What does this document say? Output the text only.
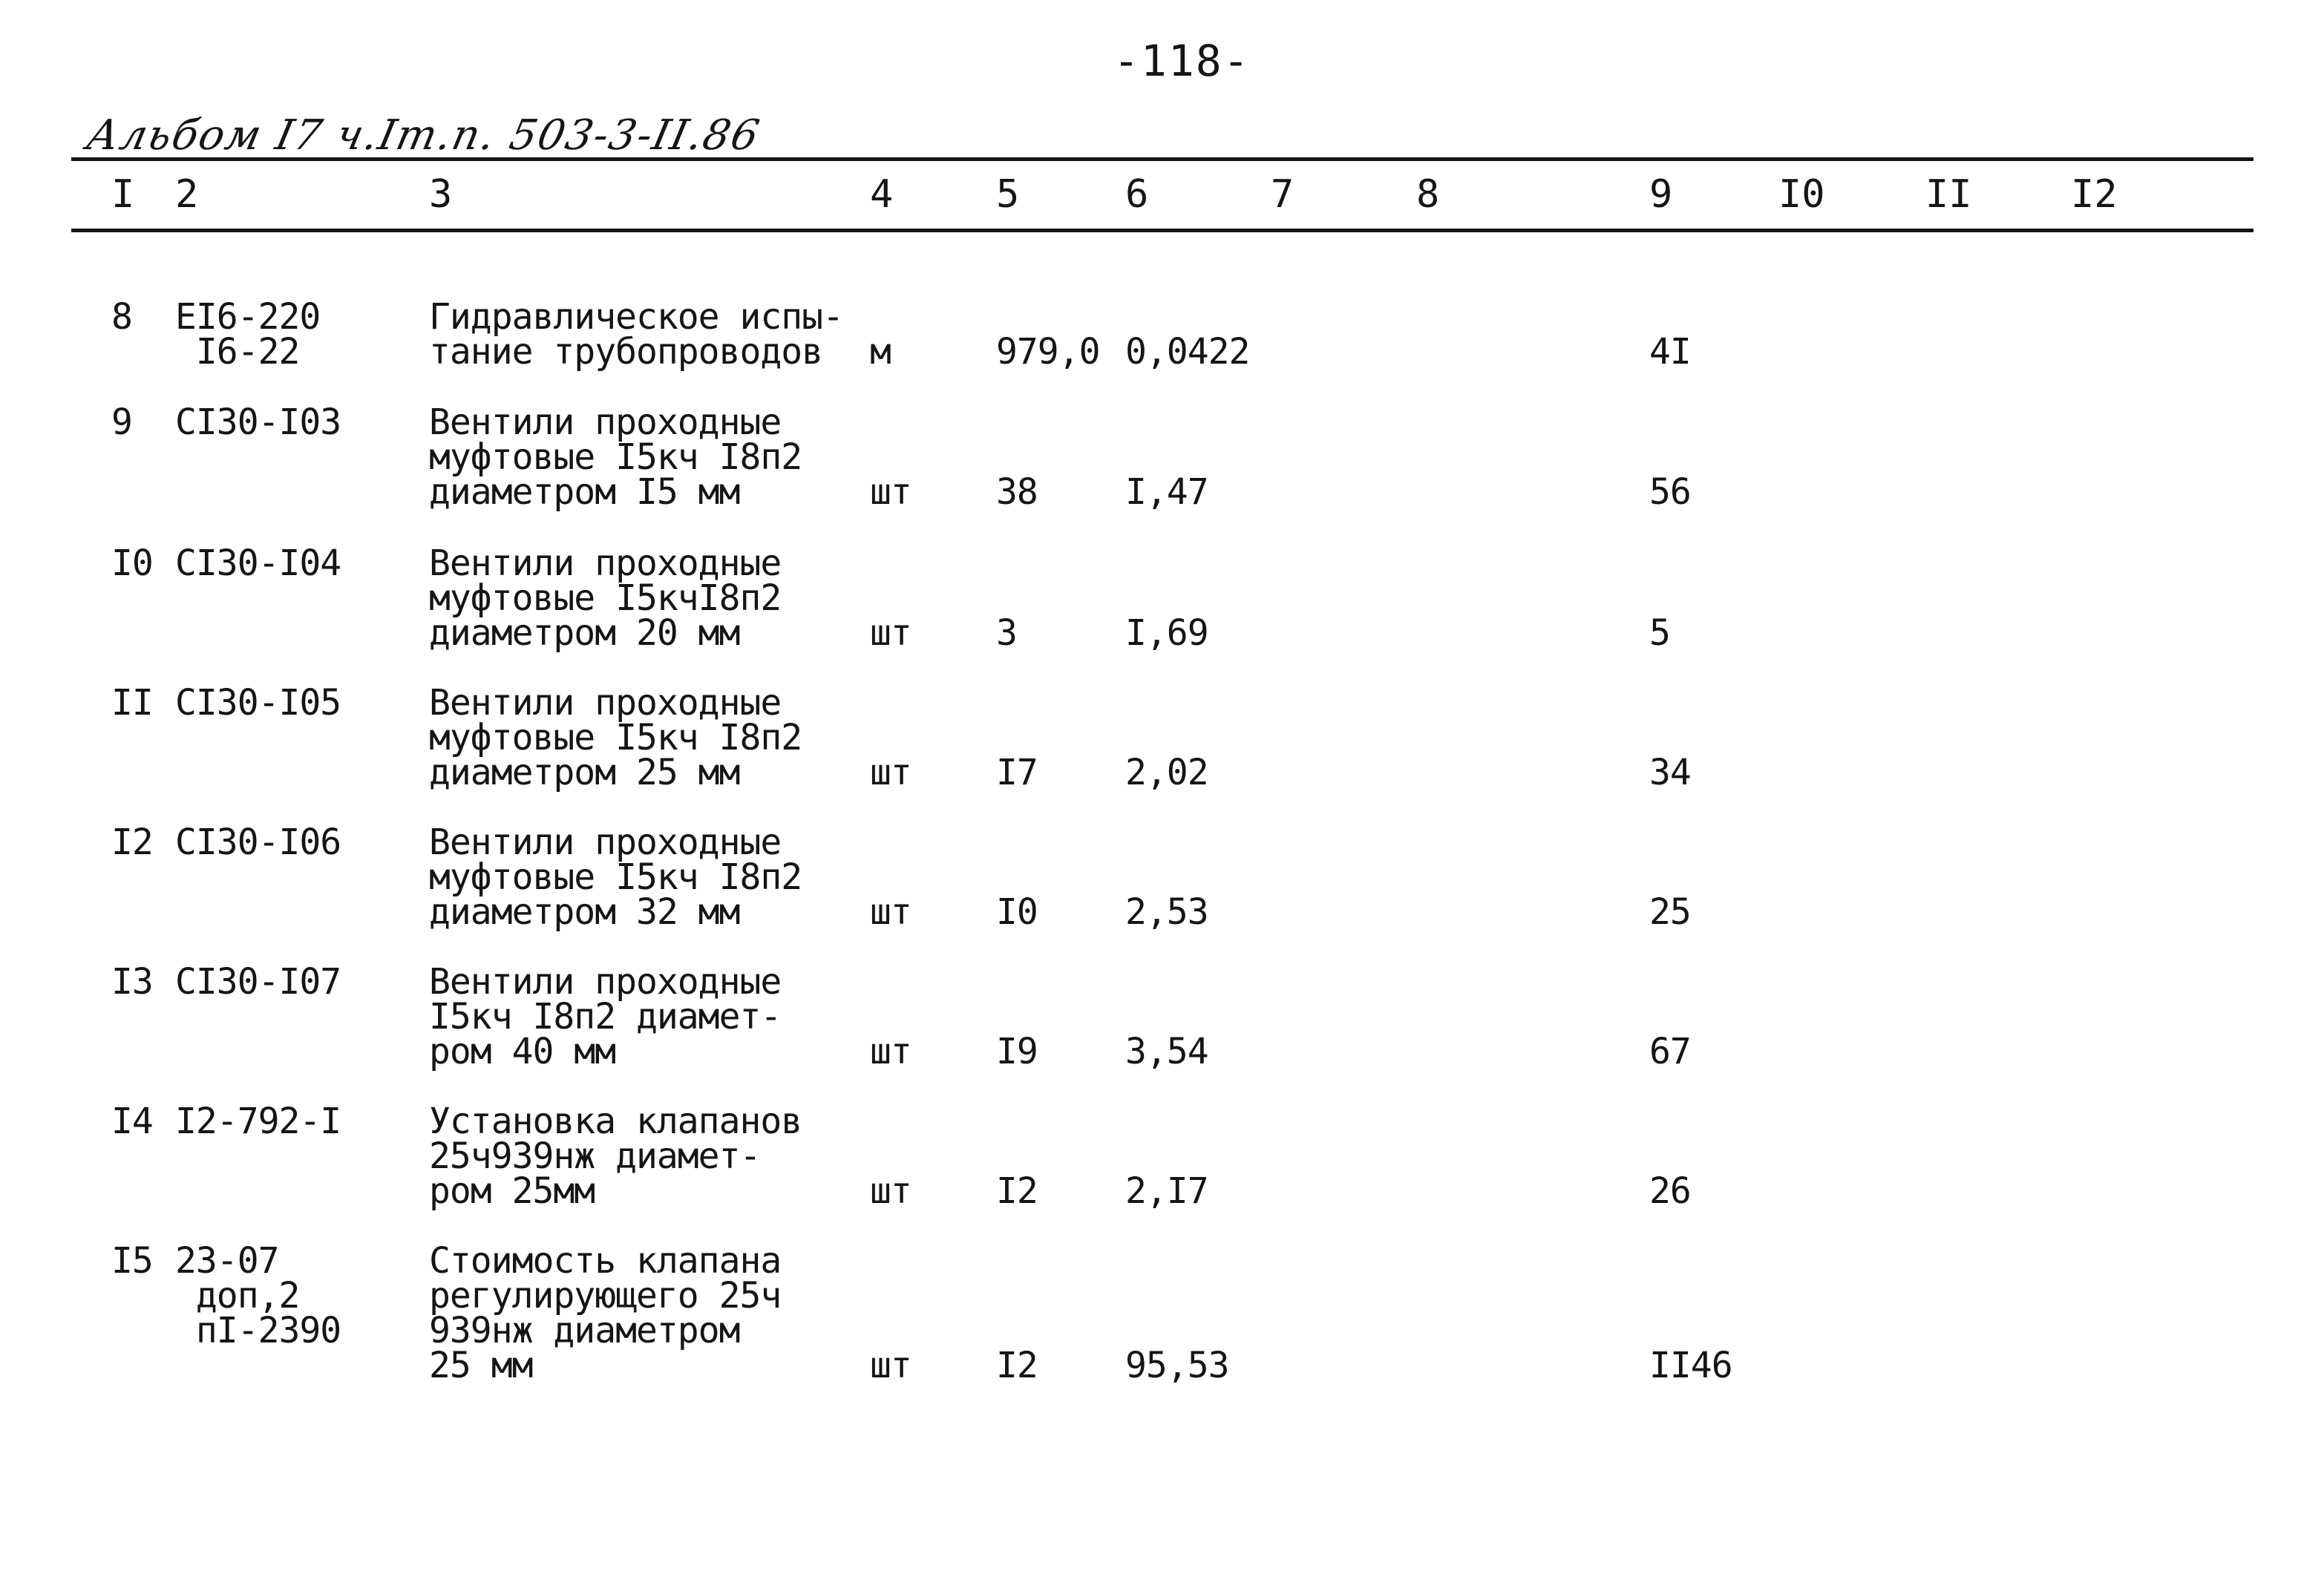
-118-
Альбом I7 ч.Iт.п. 503-3-II.86
I 2	3	4	5	6	7	8	9	I0	II	I2
8 EI6-220
I6-22
Гидравлическое испы-
тание трубопроводов	м	979,0 0,0422	4I
9 CI30-I03 Вентили проходные
муфтовые I5кч I8п2
диаметром I5 мм	шт 38 I,47	56
I0 CI30-I04 Вентили проходные
муфтовые I5кчI8п2
диаметром 20 мм	шт 3	I,69	5
II CI30-I05 Вентили проходные
муфтовые I5кч I8п2
диаметром 25 мм	шт I7 2,02	34
I2 CI30-I06 Вентили проходные
муфтовые I5кч I8п2
диаметром 32 мм	шт I0 2,53	25
I3 CI30-I07 Вентили проходные
I5кч I8п2 диамет-
ром 40 мм	шт I9 3,54	67
I4 I2-792-I Установка клапанов
25ч939нж диамет-
ром 25мм	шт I2 2,I7	26
I5 23-07
доп,2
пI-2390
Стоимость клапана
регулирующего 25ч
939нж диаметром
25 мм	шт I2 95,53	II46
